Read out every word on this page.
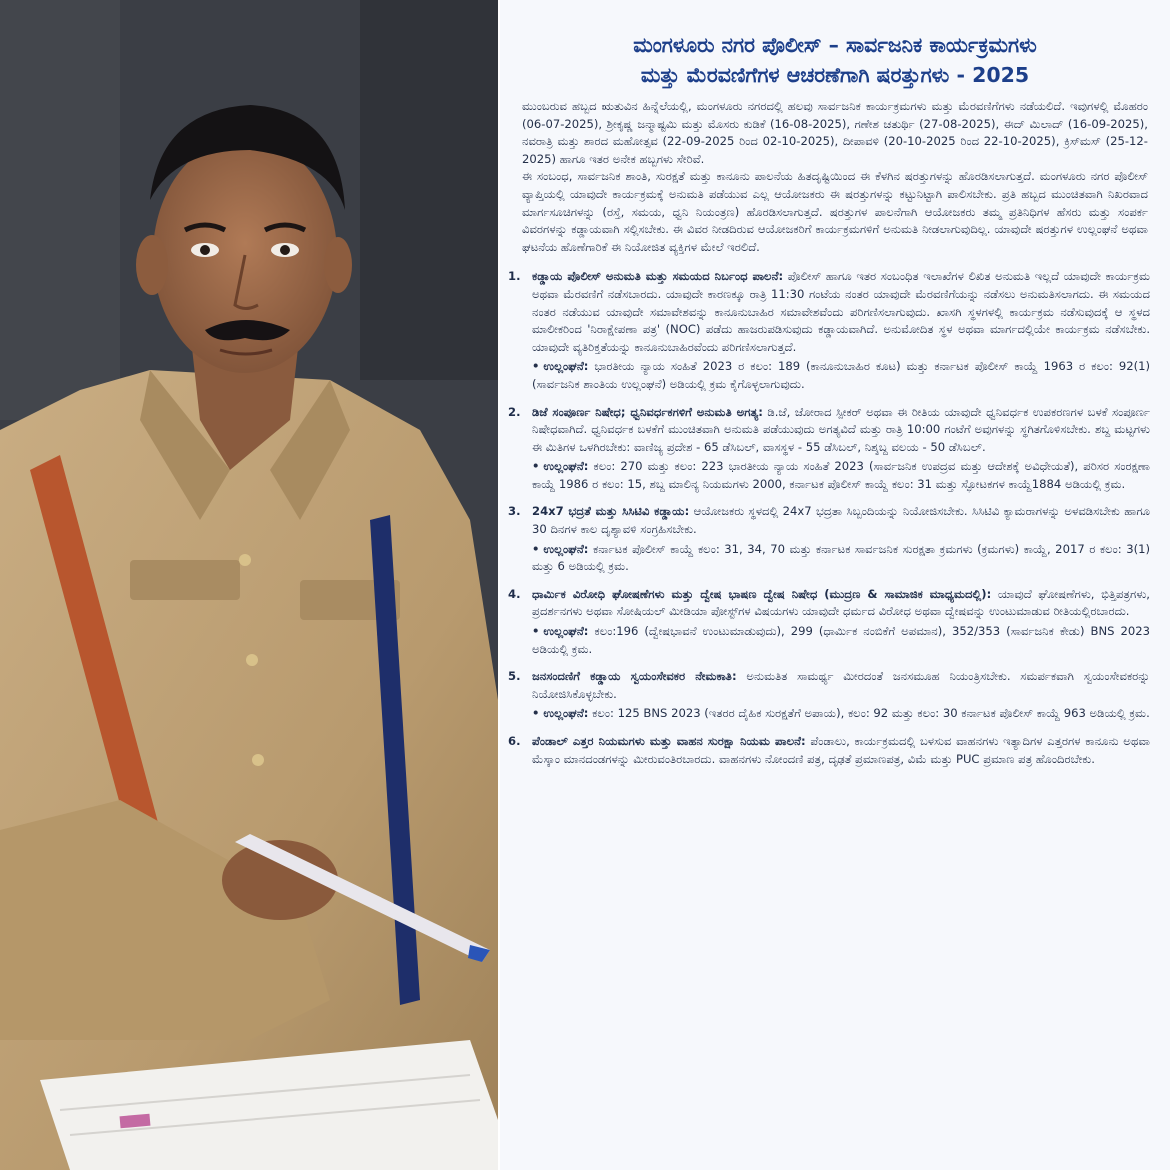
ಮಂಗಳೂರು ನಗರ ಪೊಲೀಸ್ – ಸಾರ್ವಜನಿಕ ಕಾರ್ಯಕ್ರಮಗಳು
ಮತ್ತು ಮೆರವಣಿಗೆಗಳ ಆಚರಣೆಗಾಗಿ ಷರತ್ತುಗಳು - 2025

ಮುಂಬರುವ ಹಬ್ಬದ ಋತುವಿನ ಹಿನ್ನೆಲೆಯಲ್ಲಿ, ಮಂಗಳೂರು ನಗರದಲ್ಲಿ ಹಲವು ಸಾರ್ವಜನಿಕ ಕಾರ್ಯಕ್ರಮಗಳು ಮತ್ತು ಮೆರವಣಿಗೆಗಳು ನಡೆಯಲಿದೆ. ಇವುಗಳಲ್ಲಿ ಮೊಹರಂ (06-07-2025), ಶ್ರೀಕೃಷ್ಣ ಜನ್ಮಾಷ್ಟಮಿ ಮತ್ತು ಮೊಸರು ಕುಡಿಕೆ (16-08-2025), ಗಣೇಶ ಚತುರ್ಥಿ (27-08-2025), ಈದ್ ಮಿಲಾದ್ (16-09-2025), ನವರಾತ್ರಿ ಮತ್ತು ಶಾರದ ಮಹೋತ್ಸವ (22-09-2025 ರಿಂದ 02-10-2025), ದೀಪಾವಳಿ (20-10-2025 ರಿಂದ 22-10-2025), ಕ್ರಿಸ್‌ಮಸ್ (25-12-2025) ಹಾಗೂ ಇತರ ಅನೇಕ ಹಬ್ಬಗಳು ಸೇರಿವೆ.

ಈ ಸಂಬಂಧ, ಸಾರ್ವಜನಿಕ ಶಾಂತಿ, ಸುರಕ್ಷತೆ ಮತ್ತು ಕಾನೂನು ಪಾಲನೆಯ ಹಿತದೃಷ್ಟಿಯಿಂದ ಈ ಕೆಳಗಿನ ಷರತ್ತುಗಳನ್ನು ಹೊರಡಿಸಲಾಗುತ್ತದೆ. ಮಂಗಳೂರು ನಗರ ಪೊಲೀಸ್ ವ್ಯಾಪ್ತಿಯಲ್ಲಿ ಯಾವುದೇ ಕಾರ್ಯಕ್ರಮಕ್ಕೆ ಅನುಮತಿ ಪಡೆಯುವ ಎಲ್ಲ ಆಯೋಜಕರು ಈ ಷರತ್ತುಗಳನ್ನು ಕಟ್ಟುನಿಟ್ಟಾಗಿ ಪಾಲಿಸಬೇಕು. ಪ್ರತಿ ಹಬ್ಬದ ಮುಂಚಿತವಾಗಿ ನಿಖರವಾದ ಮಾರ್ಗಸೂಚಿಗಳನ್ನು (ರಸ್ತೆ, ಸಮಯ, ಧ್ವನಿ ನಿಯಂತ್ರಣ) ಹೊರಡಿಸಲಾಗುತ್ತದೆ. ಷರತ್ತುಗಳ ಪಾಲನೆಗಾಗಿ ಆಯೋಜಕರು ತಮ್ಮ ಪ್ರತಿನಿಧಿಗಳ ಹೆಸರು ಮತ್ತು ಸಂಪರ್ಕ ವಿವರಗಳನ್ನು ಕಡ್ಡಾಯವಾಗಿ ಸಲ್ಲಿಸಬೇಕು. ಈ ವಿವರ ನೀಡದಿರುವ ಆಯೋಜಕರಿಗೆ ಕಾರ್ಯಕ್ರಮಗಳಿಗೆ ಅನುಮತಿ ನೀಡಲಾಗುವುದಿಲ್ಲ. ಯಾವುದೇ ಷರತ್ತುಗಳ ಉಲ್ಲಂಘನೆ ಅಥವಾ ಘಟನೆಯ ಹೊಣೆಗಾರಿಕೆ ಈ ನಿಯೋಜಿತ ವ್ಯಕ್ತಿಗಳ ಮೇಲೆ ಇರಲಿದೆ.

1. ಕಡ್ಡಾಯ ಪೊಲೀಸ್ ಅನುಮತಿ ಮತ್ತು ಸಮಯದ ನಿರ್ಬಂಧ ಪಾಲನೆ: ಪೊಲೀಸ್ ಹಾಗೂ ಇತರ ಸಂಬಂಧಿತ ಇಲಾಖೆಗಳ ಲಿಖಿತ ಅನುಮತಿ ಇಲ್ಲದೆ ಯಾವುದೇ ಕಾರ್ಯಕ್ರಮ ಅಥವಾ ಮೆರವಣಿಗೆ ನಡೆಸಬಾರದು. ಯಾವುದೇ ಕಾರಣಕ್ಕೂ ರಾತ್ರಿ 11:30 ಗಂಟೆಯ ನಂತರ ಯಾವುದೇ ಮೆರವಣಿಗೆಯನ್ನು ನಡೆಸಲು ಅನುಮತಿಸಲಾಗದು. ಈ ಸಮಯದ ನಂತರ ನಡೆಯುವ ಯಾವುದೇ ಸಮಾವೇಶವನ್ನು ಕಾನೂನುಬಾಹಿರ ಸಮಾವೇಶವೆಂದು ಪರಿಗಣಿಸಲಾಗುವುದು. ಖಾಸಗಿ ಸ್ಥಳಗಳಲ್ಲಿ ಕಾರ್ಯಕ್ರಮ ನಡೆಸುವುದಕ್ಕೆ ಆ ಸ್ಥಳದ ಮಾಲೀಕರಿಂದ 'ನಿರಾಕ್ಷೇಪಣಾ ಪತ್ರ' (NOC) ಪಡೆದು ಹಾಜರುಪಡಿಸುವುದು ಕಡ್ಡಾಯವಾಗಿದೆ. ಅನುಮೋದಿತ ಸ್ಥಳ ಅಥವಾ ಮಾರ್ಗದಲ್ಲಿಯೇ ಕಾರ್ಯಕ್ರಮ ನಡೆಸಬೇಕು. ಯಾವುದೇ ವ್ಯತಿರಿಕ್ತತೆಯನ್ನು ಕಾನೂನುಬಾಹಿರವೆಂದು ಪರಿಗಣಿಸಲಾಗುತ್ತದೆ.
• ಉಲ್ಲಂಘನೆ: ಭಾರತೀಯ ನ್ಯಾಯ ಸಂಹಿತೆ 2023 ರ ಕಲಂ: 189 (ಕಾನೂನುಬಾಹಿರ ಕೂಟ) ಮತ್ತು ಕರ್ನಾಟಕ ಪೊಲೀಸ್ ಕಾಯ್ದೆ 1963 ರ ಕಲಂ: 92(1) (ಸಾರ್ವಜನಿಕ ಶಾಂತಿಯ ಉಲ್ಲಂಘನೆ) ಅಡಿಯಲ್ಲಿ ಕ್ರಮ ಕೈಗೊಳ್ಳಲಾಗುವುದು.
2. ಡಿಜೆ ಸಂಪೂರ್ಣ ನಿಷೇಧ; ಧ್ವನಿವರ್ಧಕಗಳಿಗೆ ಅನುಮತಿ ಅಗತ್ಯ: ಡಿ.ಜೆ, ಜೋರಾದ ಸ್ಪೀಕರ್ ಅಥವಾ ಈ ರೀತಿಯ ಯಾವುದೇ ಧ್ವನಿವರ್ಧಕ ಉಪಕರಣಗಳ ಬಳಕೆ ಸಂಪೂರ್ಣ ನಿಷೇಧವಾಗಿದೆ. ಧ್ವನಿವರ್ಧಕ ಬಳಕೆಗೆ ಮುಂಚಿತವಾಗಿ ಅನುಮತಿ ಪಡೆಯುವುದು ಅಗತ್ಯವಿದೆ ಮತ್ತು ರಾತ್ರಿ 10:00 ಗಂಟೆಗೆ ಅವುಗಳನ್ನು ಸ್ಥಗಿತಗೊಳಿಸಬೇಕು. ಶಬ್ದ ಮಟ್ಟಗಳು ಈ ಮಿತಿಗಳ ಒಳಗಿರಬೇಕು: ವಾಣಿಜ್ಯ ಪ್ರದೇಶ - 65 ಡೆಸಿಬಲ್, ವಾಸಸ್ಥಳ - 55 ಡೆಸಿಬಲ್, ನಿಶ್ಶಬ್ದ ವಲಯ - 50 ಡೆಸಿಬಲ್.
• ಉಲ್ಲಂಘನೆ: ಕಲಂ: 270 ಮತ್ತು ಕಲಂ: 223 ಭಾರತೀಯ ನ್ಯಾಯ ಸಂಹಿತೆ 2023 (ಸಾರ್ವಜನಿಕ ಉಪದ್ರವ ಮತ್ತು ಆದೇಶಕ್ಕೆ ಅವಿಧೇಯತೆ), ಪರಿಸರ ಸಂರಕ್ಷಣಾ ಕಾಯ್ದೆ 1986 ರ ಕಲಂ: 15, ಶಬ್ದ ಮಾಲಿನ್ಯ ನಿಯಮಗಳು 2000, ಕರ್ನಾಟಕ ಪೊಲೀಸ್ ಕಾಯ್ದೆ ಕಲಂ: 31 ಮತ್ತು ಸ್ಫೋಟಕಗಳ ಕಾಯ್ದೆ1884 ಅಡಿಯಲ್ಲಿ ಕ್ರಮ.
3. 24x7 ಭದ್ರತೆ ಮತ್ತು ಸಿಸಿಟಿವಿ ಕಡ್ಡಾಯ: ಆಯೋಜಕರು ಸ್ಥಳದಲ್ಲಿ 24x7 ಭದ್ರತಾ ಸಿಬ್ಬಂದಿಯನ್ನು ನಿಯೋಜಿಸಬೇಕು. ಸಿಸಿಟಿವಿ ಕ್ಯಾಮರಾಗಳನ್ನು ಅಳವಡಿಸಬೇಕು ಹಾಗೂ 30 ದಿನಗಳ ಕಾಲ ದೃಶ್ಯಾವಳಿ ಸಂಗ್ರಹಿಸಬೇಕು.
• ಉಲ್ಲಂಘನೆ: ಕರ್ನಾಟಕ ಪೊಲೀಸ್ ಕಾಯ್ದೆ ಕಲಂ: 31, 34, 70 ಮತ್ತು ಕರ್ನಾಟಕ ಸಾರ್ವಜನಿಕ ಸುರಕ್ಷತಾ ಕ್ರಮಗಳು (ಕ್ರಮಗಳು) ಕಾಯ್ದೆ, 2017 ರ ಕಲಂ: 3(1) ಮತ್ತು 6 ಅಡಿಯಲ್ಲಿ ಕ್ರಮ.
4. ಧಾರ್ಮಿಕ ವಿರೋಧಿ ಘೋಷಣೆಗಳು ಮತ್ತು ದ್ವೇಷ ಭಾಷಣ ದ್ವೇಷ ನಿಷೇಧ (ಮುದ್ರಣ & ಸಾಮಾಜಿಕ ಮಾಧ್ಯಮದಲ್ಲಿ): ಯಾವುದೆ ಘೋಷಣೆಗಳು, ಭಿತ್ತಿಪತ್ರಗಳು, ಪ್ರದರ್ಶನಗಳು ಅಥವಾ ಸೋಷಿಯಲ್ ಮೀಡಿಯಾ ಪೋಸ್ಟ್‌ಗಳ ವಿಷಯಗಳು ಯಾವುದೇ ಧರ್ಮದ ವಿರೋಧ ಅಥವಾ ದ್ವೇಷವನ್ನು ಉಂಟುಮಾಡುವ ರೀತಿಯಲ್ಲಿರಬಾರದು.
• ಉಲ್ಲಂಘನೆ: ಕಲಂ:196 (ದ್ವೇಷಭಾವನೆ ಉಂಟುಮಾಡುವುದು), 299 (ಧಾರ್ಮಿಕ ನಂಬಿಕೆಗೆ ಅಪಮಾನ), 352/353 (ಸಾರ್ವಜನಿಕ ಕೇಡು) BNS 2023 ಅಡಿಯಲ್ಲಿ ಕ್ರಮ.
5. ಜನಸಂದಣಿಗೆ ಕಡ್ಡಾಯ ಸ್ವಯಂಸೇವಕರ ನೇಮಕಾತಿ: ಅನುಮತಿತ ಸಾಮರ್ಥ್ಯ ಮೀರದಂತೆ ಜನಸಮೂಹ ನಿಯಂತ್ರಿಸಬೇಕು. ಸಮರ್ಪಕವಾಗಿ ಸ್ವಯಂಸೇವಕರನ್ನು ನಿಯೋಜಿಸಿಕೊಳ್ಳಬೇಕು.
• ಉಲ್ಲಂಘನೆ: ಕಲಂ: 125 BNS 2023 (ಇತರರ ದೈಹಿಕ ಸುರಕ್ಷತೆಗೆ ಅಪಾಯ), ಕಲಂ: 92 ಮತ್ತು ಕಲಂ: 30 ಕರ್ನಾಟಕ ಪೊಲೀಸ್ ಕಾಯ್ದೆ 963 ಅಡಿಯಲ್ಲಿ ಕ್ರಮ.
6. ಪೆಂಡಾಲ್ ಎತ್ತರ ನಿಯಮಗಳು ಮತ್ತು ವಾಹನ ಸುರಕ್ಷಾ ನಿಯಮ ಪಾಲನೆ: ಪೆಂಡಾಲು, ಕಾರ್ಯಕ್ರಮದಲ್ಲಿ ಬಳಸುವ ವಾಹನಗಳು ಇತ್ಯಾದಿಗಳ ಎತ್ತರಗಳ ಕಾನೂನು ಅಥವಾ ಮೆಸ್ಕಾಂ ಮಾನದಂಡಗಳನ್ನು ಮೀರುವಂತಿರಬಾರದು. ವಾಹನಗಳು ನೋಂದಣಿ ಪತ್ರ, ದೃಢತೆ ಪ್ರಮಾಣಪತ್ರ, ವಿಮೆ ಮತ್ತು PUC ಪ್ರಮಾಣ ಪತ್ರ ಹೊಂದಿರಬೇಕು.
